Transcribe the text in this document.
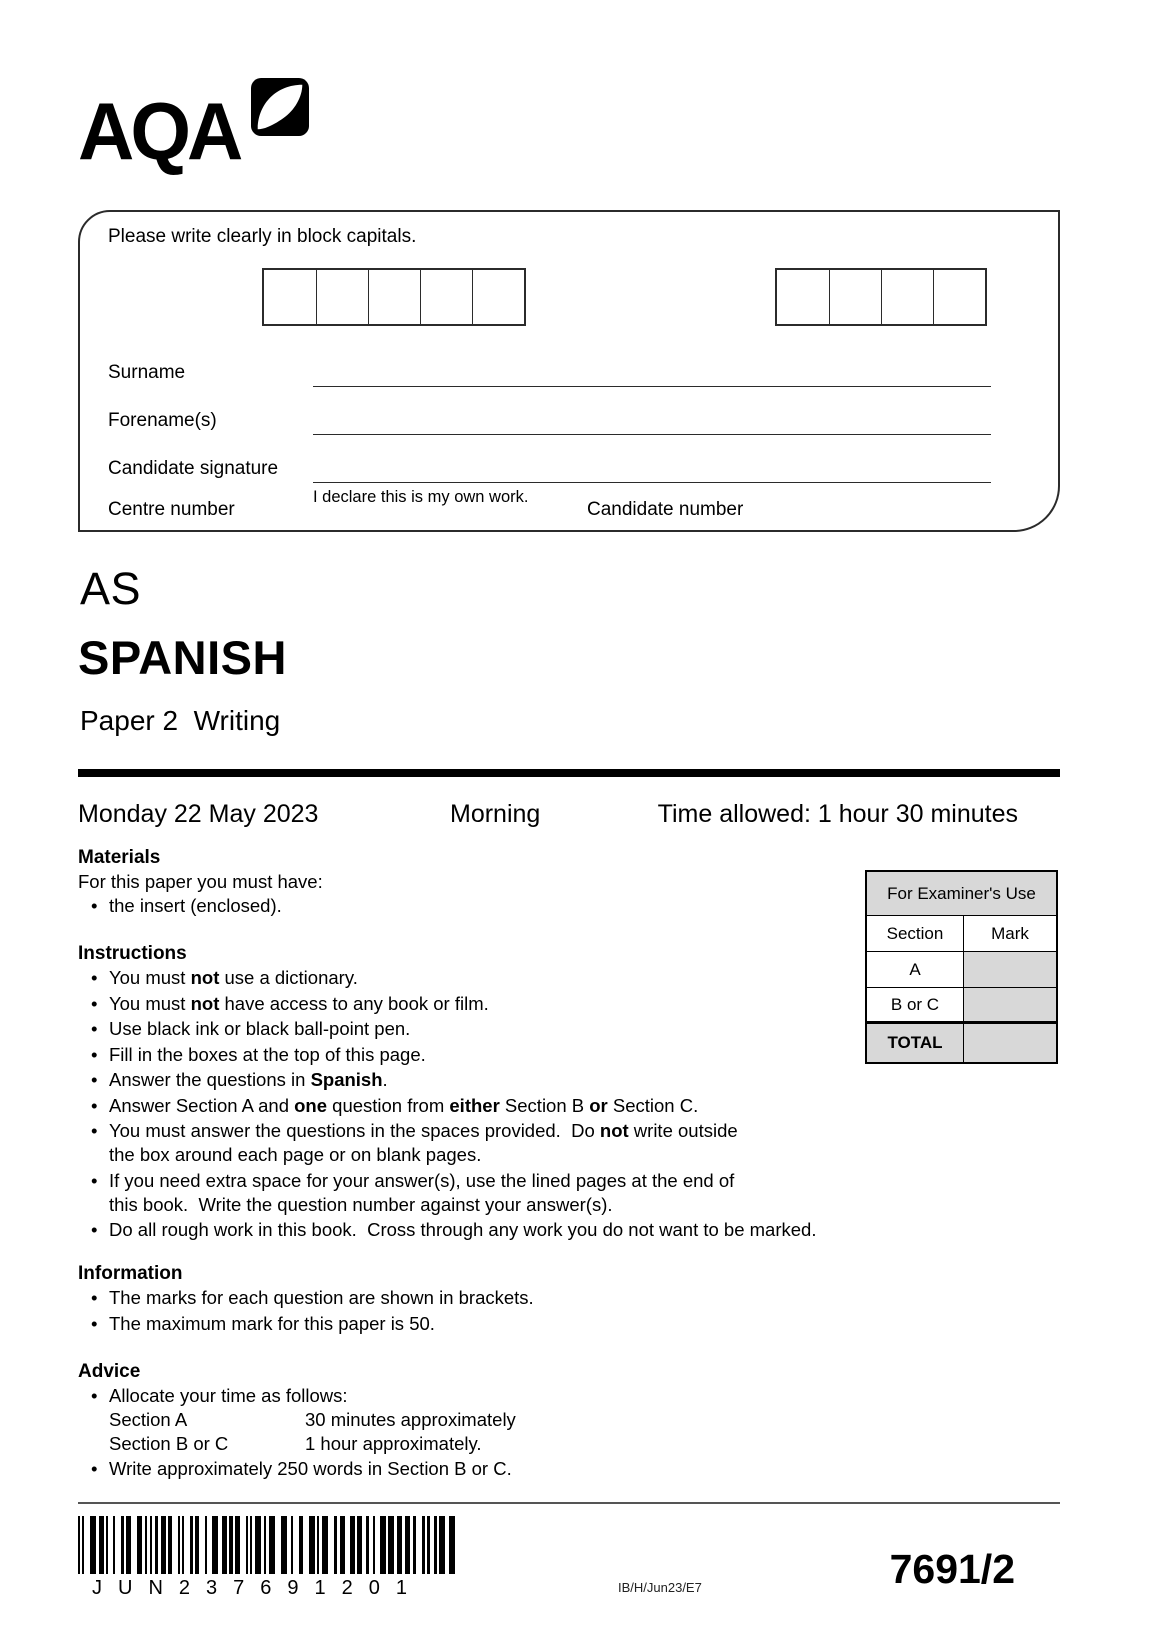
AQA
Please write clearly in block capitals.
Centre number	Candidate number
Surname
Forename(s)
Candidate signature
I declare this is my own work.
AS
SPANISH
Paper 2  Writing
Monday 22 May 2023	Morning	Time allowed: 1 hour 30 minutes
Materials

For this paper you must have:

• the insert (enclosed).
Instructions
• You must not use a dictionary.
• You must not have access to any book or film.
• Use black ink or black ball-point pen.
• Fill in the boxes at the top of this page.
• Answer the questions in Spanish.
• Answer Section A and one question from either Section B or Section C.
• You must answer the questions in the spaces provided.  Do not write outside
the box around each page or on blank pages.
• If you need extra space for your answer(s), use the lined pages at the end of
this book.  Write the question number against your answer(s).
• Do all rough work in this book.  Cross through any work you do not want to be marked.
Information
• The marks for each question are shown in brackets.
• The maximum mark for this paper is 50.
Advice
• Allocate your time as follows:
Section A	30 minutes approximately
Section B or C	1 hour approximately.
• Write approximately 250 words in Section B or C.
For Examiner's Use
Section	Mark
A
B or C
TOTAL
JUN237691201	IB/H/Jun23/E7	7691/2
